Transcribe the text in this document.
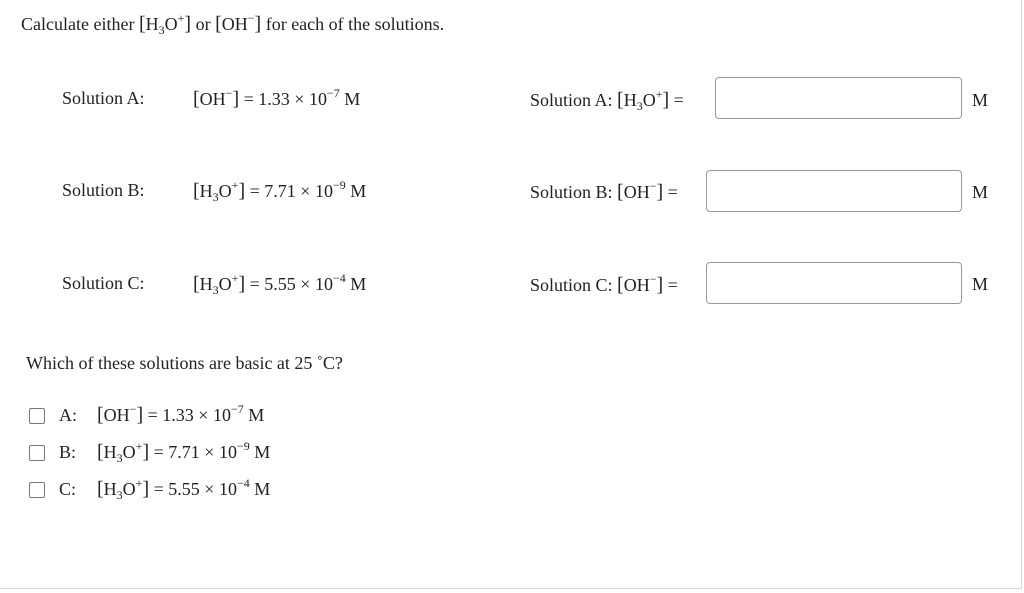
Calculate either $[H_3O^+]$ or [OH−] for each of the solutions.
Solution A: $[OH^-] = 1.33 \times 10^{-7}$ M	Solution A: $[H_3O^+]$ =	M
Solution B: $[H_3O^+] = 7.71 \times 10^{-9}$ M	Solution B: [OH−] =	M
Solution C: $[H_3O^+] = 5.55 \times 10^{-4}$ M	Solution C: [OH−] =	M
Which of these solutions are basic at 25 ˚C?
A:	$[OH^-] = 1.33 \times 10^{-7}$ M
B:	$[H_3O^+] = 7.71 \times 10^{-9}$ M
C:	$[H_3O^+] = 5.55 \times 10^{-4}$ M
